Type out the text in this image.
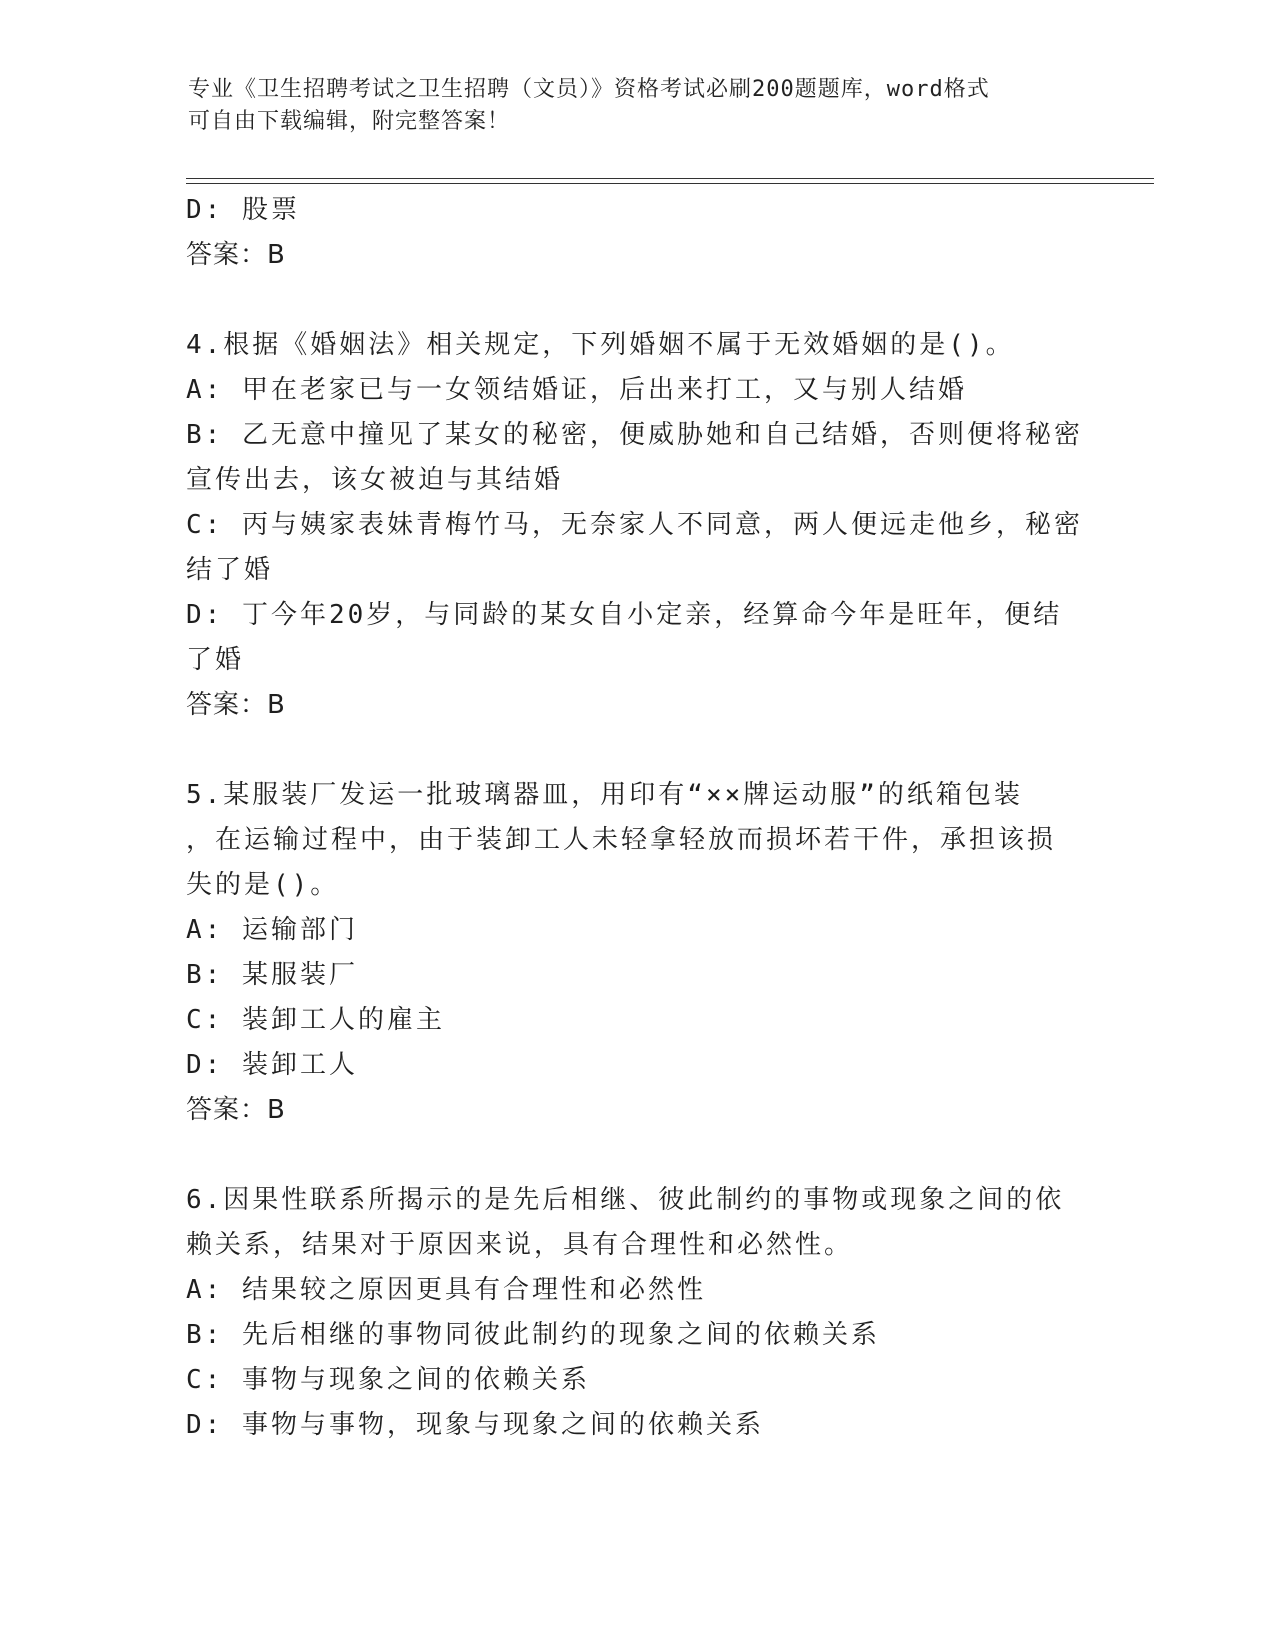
专业《卫生招聘考试之卫生招聘（文员）》资格考试必刷200题题库，word格式
可自由下载编辑，附完整答案！
D: 股票
答案：B
4.根据《婚姻法》相关规定，下列婚姻不属于无效婚姻的是()。
A: 甲在老家已与一女领结婚证，后出来打工，又与别人结婚
B: 乙无意中撞见了某女的秘密，便威胁她和自己结婚，否则便将秘密
宣传出去，该女被迫与其结婚
C: 丙与姨家表妹青梅竹马，无奈家人不同意，两人便远走他乡，秘密
结了婚
D: 丁今年20岁，与同龄的某女自小定亲，经算命今年是旺年，便结
了婚
答案：B
5.某服装厂发运一批玻璃器皿，用印有“××牌运动服”的纸箱包装
，在运输过程中，由于装卸工人未轻拿轻放而损坏若干件，承担该损
失的是()。
A: 运输部门
B: 某服装厂
C: 装卸工人的雇主
D: 装卸工人
答案：B
6.因果性联系所揭示的是先后相继、彼此制约的事物或现象之间的依
赖关系，结果对于原因来说，具有合理性和必然性。
A: 结果较之原因更具有合理性和必然性
B: 先后相继的事物同彼此制约的现象之间的依赖关系
C: 事物与现象之间的依赖关系
D: 事物与事物，现象与现象之间的依赖关系
